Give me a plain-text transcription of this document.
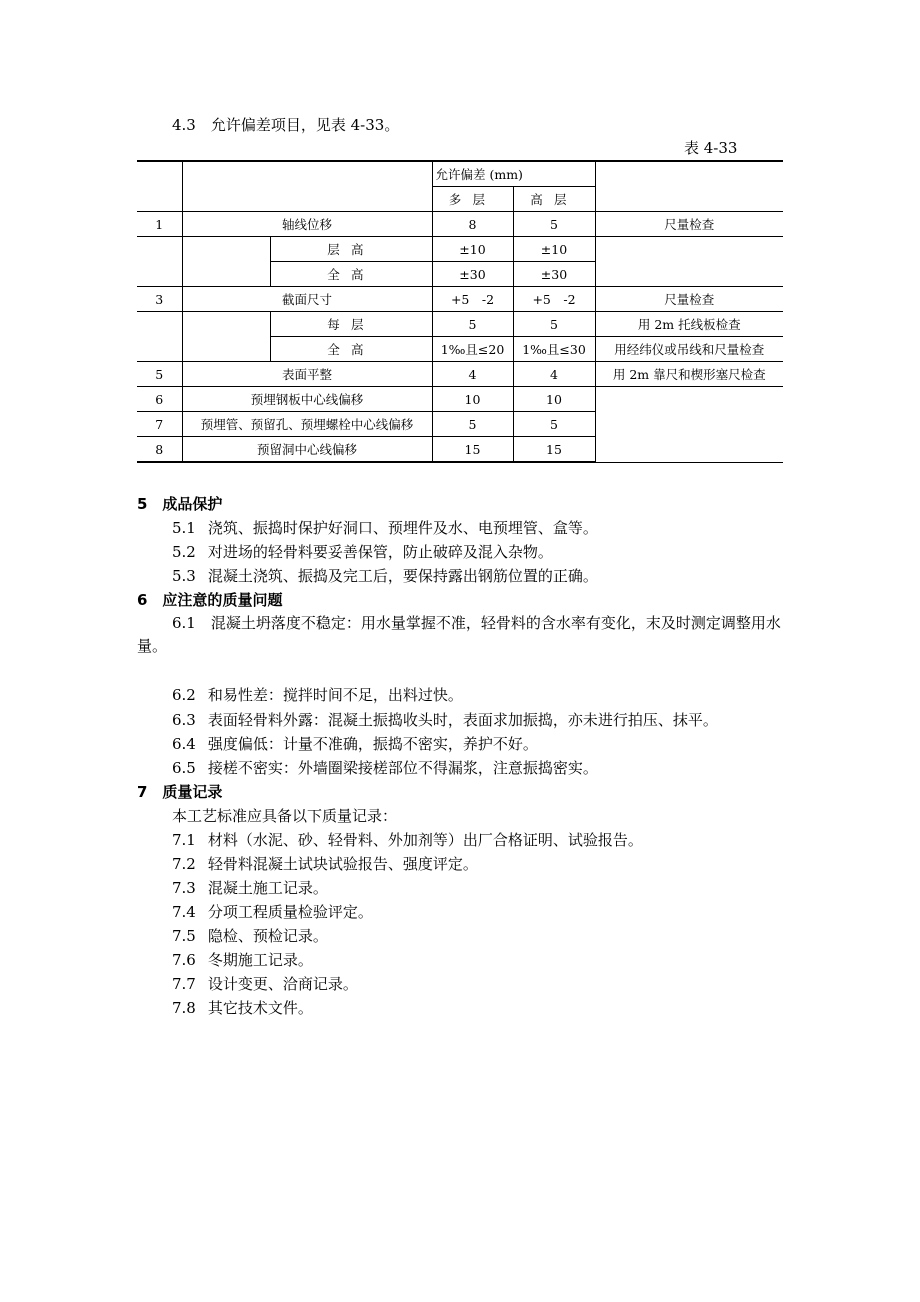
4.3　允许偏差项目，见表 4-33。
表 4-33
			允许偏差 (mm)		
			多层	高层	
1	轴线位移		8	5	尺量检查
		层高	±10	±10	
		全高	±30	±30	
3	截面尺寸		+5　-2	+5　-2	尺量检查
		每层	5	5	用 2m 托线板检查
		全高	1‰且≤20	1‰且≤30	用经纬仪或吊线和尺量检查
5	表面平整		4	4	用 2m 靠尺和楔形塞尺检查
6	预埋钢板中心线偏移		10	10	
7	预埋管、预留孔、预埋螺栓中心线偏移		5	5	
8	预留洞中心线偏移		15	15	
5　成品保护
5.1 浇筑、振捣时保护好洞口、预埋件及水、电预埋管、盒等。
5.2 对进场的轻骨料要妥善保管，防止破碎及混入杂物。
5.3 混凝土浇筑、振捣及完工后，要保持露出钢筋位置的正确。
6　应注意的质量问题
6.1　混凝土坍落度不稳定：用水量掌握不准，轻骨料的含水率有变化，末及时测定调整用水量。
6.2 和易性差：搅拌时间不足，出料过快。
6.3 表面轻骨料外露：混凝土振捣收头时，表面求加振捣，亦未进行拍压、抹平。
6.4 强度偏低：计量不准确，振捣不密实，养护不好。
6.5 接槎不密实：外墙圈梁接槎部位不得漏浆，注意振捣密实。
7　质量记录
本工艺标准应具备以下质量记录：
7.1 材料（水泥、砂、轻骨料、外加剂等）出厂合格证明、试验报告。
7.2 轻骨料混凝土试块试验报告、强度评定。
7.3 混凝土施工记录。
7.4 分项工程质量检验评定。
7.5 隐检、预检记录。
7.6 冬期施工记录。
7.7 设计变更、洽商记录。
7.8 其它技术文件。
